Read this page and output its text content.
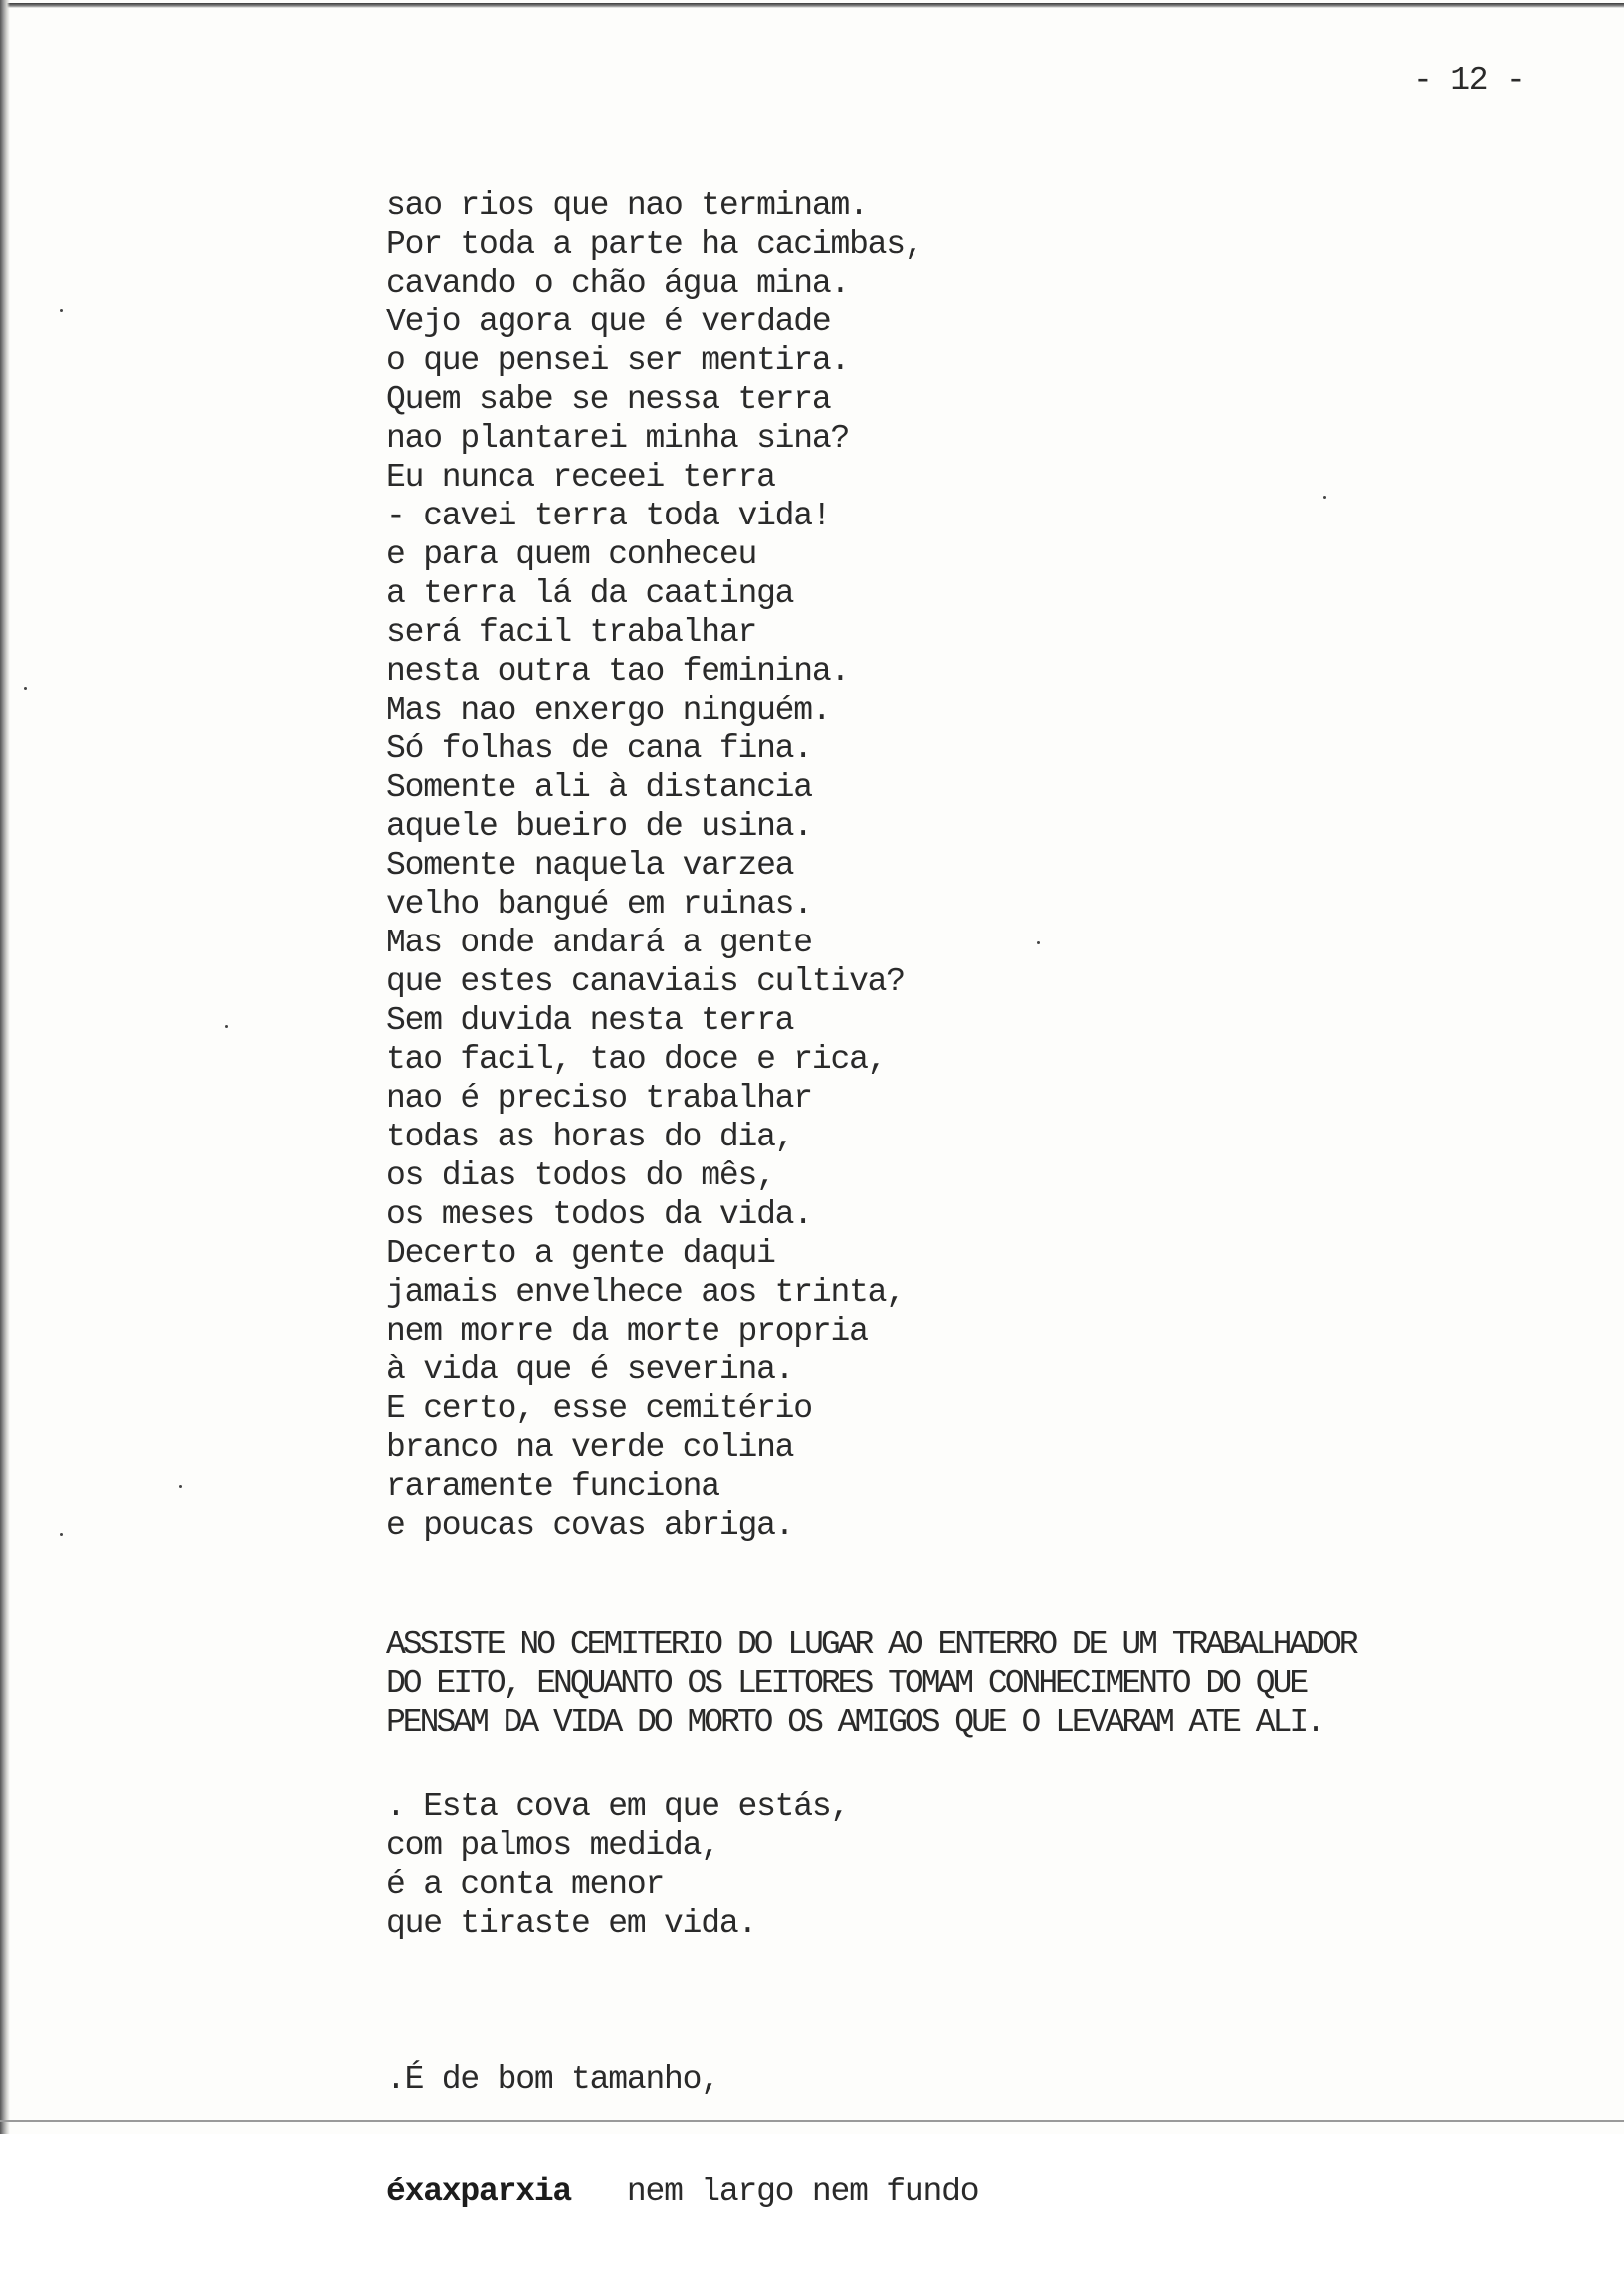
- 12 -
sao rios que nao terminam.
Por toda a parte ha cacimbas,
cavando o chão água mina.
Vejo agora que é verdade
o que pensei ser mentira.
Quem sabe se nessa terra
nao plantarei minha sina?
Eu nunca receei terra
- cavei terra toda vida!
e para quem conheceu
a terra lá da caatinga
será facil trabalhar
nesta outra tao feminina.
Mas nao enxergo ninguém.
Só folhas de cana fina.
Somente ali à distancia
aquele bueiro de usina.
Somente naquela varzea
velho bangué em ruinas.
Mas onde andará a gente
que estes canaviais cultiva?
Sem duvida nesta terra
tao facil, tao doce e rica,
nao é preciso trabalhar
todas as horas do dia,
os dias todos do mês,
os meses todos da vida.
Decerto a gente daqui
jamais envelhece aos trinta,
nem morre da morte propria
à vida que é severina.
E certo, esse cemitério
branco na verde colina
raramente funciona
e poucas covas abriga.
ASSISTE NO CEMITERIO DO LUGAR AO ENTERRO DE UM TRABALHADOR
DO EITO, ENQUANTO OS LEITORES TOMAM CONHECIMENTO DO QUE
PENSAM DA VIDA DO MORTO OS AMIGOS QUE O LEVARAM ATE ALI.
. Esta cova em que estás,
com palmos medida,
é a conta menor
que tiraste em vida.

.É de bom tamanho,

éxaxparxia   nem largo nem fundo
